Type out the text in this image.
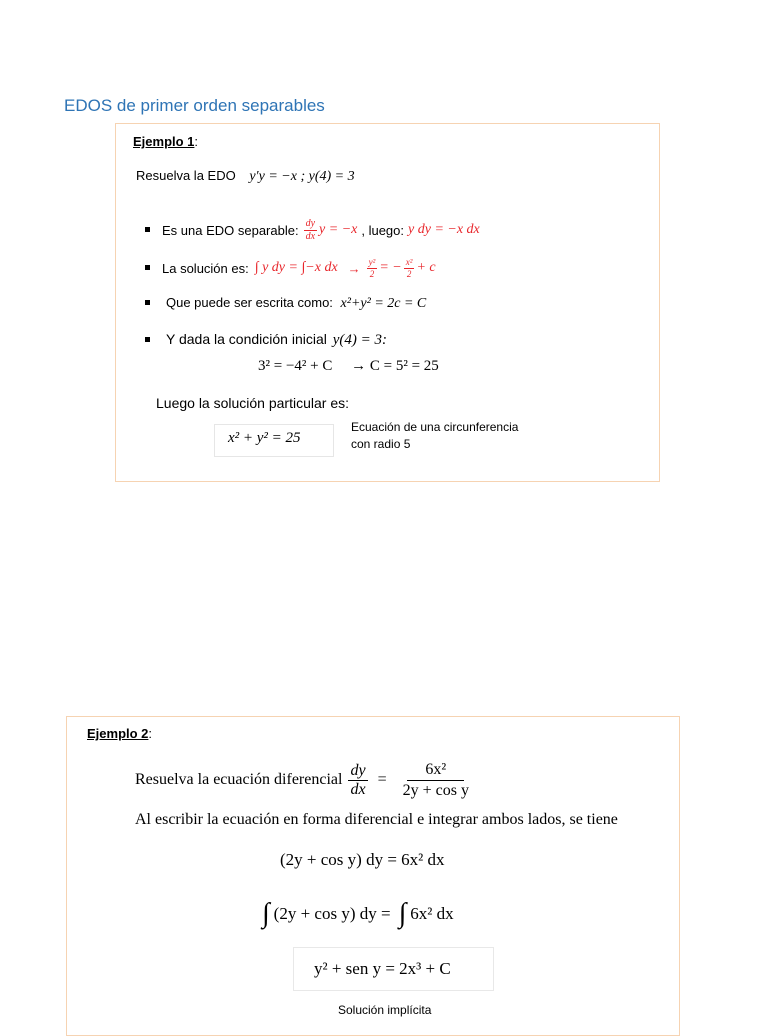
EDOS de primer orden separables
Ejemplo 1:
Resuelva la EDO y′y = −x ; y(4) = 3
Es una EDO separable: $\frac{dy}{dx}$ y = −x , luego: y dy = −x dx
La solución es: ∫ y dy = ∫−x dx → $\frac{\text{y²}}{2}$ = − $\frac{\text{x²}}{2} + c$
Que puede ser escrita como: x²+y² = 2c = C
Y dada la condición inicial y(4) = 3:
3² = −4² + C     → C = 5² = 25
Luego la solución particular es:
x² + y² = 25
Ecuación de una circunferencia
con radio 5
Ejemplo 2:
Resuelva la ecuación diferencial $\frac{dy}{dx} = \frac{\text{6x²}}{\text{2y + cos y}}$
Al escribir la ecuación en forma diferencial e integrar ambos lados, se tiene
(2y + cos y) dy = 6x² dx
∫ (2y + cos y) dy = ∫ 6x² dx
y² + sen y = 2x³ + C
Solución implícita
